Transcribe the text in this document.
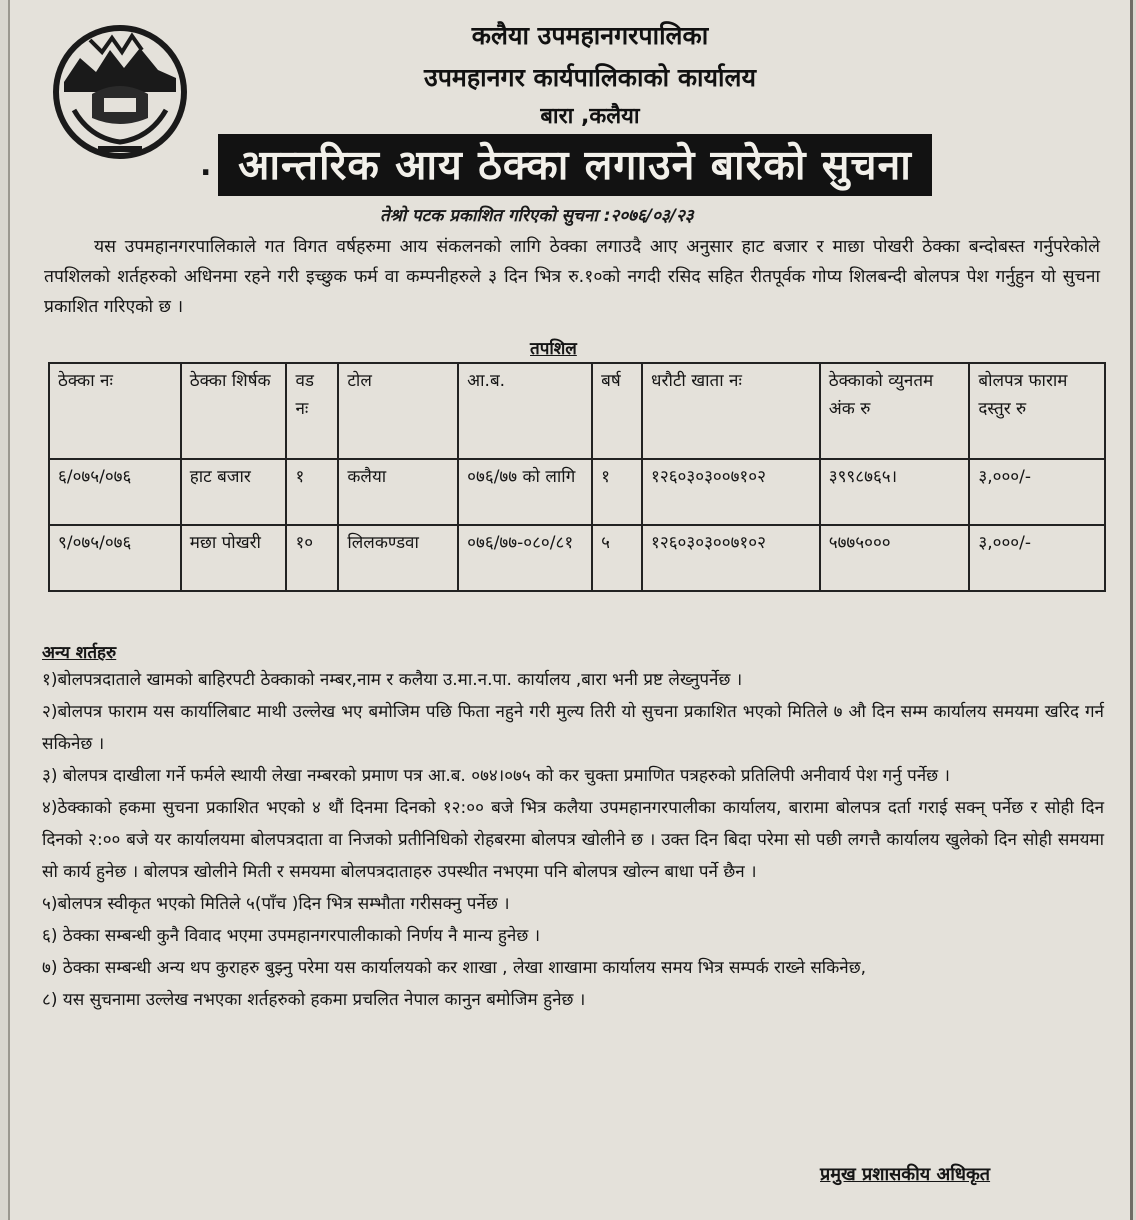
कलैया उपमहानगरपालिका
उपमहानगर कार्यपालिकाको कार्यालय
बारा ,कलैया
. आन्तरिक आय ठेक्का लगाउने बारेको सुचना
तेश्रो पटक प्रकाशित गरिएको सुचना :२०७६/०३/२३
यस उपमहानगरपालिकाले गत विगत वर्षहरुमा आय संकलनको लागि ठेक्का लगाउदै आए अनुसार हाट बजार र माछा पोखरी ठेक्का बन्दोबस्त गर्नुपरेकोले तपशिलको शर्तहरुको अधिनमा रहने गरी इच्छुक फर्म वा कम्पनीहरुले ३ दिन भित्र रु.१०को नगदी रसिद सहित रीतपूर्वक गोप्य शिलबन्दी बोलपत्र पेश गर्नुहुन यो सुचना प्रकाशित गरिएको छ ।
तपशिल
ठेक्का नः	ठेक्का शिर्षक	वड नः	टोल	आ.ब.	बर्ष	धरौटी खाता नः	ठेक्काको व्युनतम अंक रु	बोलपत्र फाराम दस्तुर रु
६/०७५/०७६	हाट बजार	१	कलैया	०७६/७७ को लागि	१	१२६०३०३००७१०२	३९९८७६५।	३,०००/-
९/०७५/०७६	मछा पोखरी	१०	लिलकण्डवा	०७६/७७-०८०/८१	५	१२६०३०३००७१०२	५७७५०००	३,०००/-
अन्य शर्तहरु

१)बोलपत्रदाताले खामको बाहिरपटी ठेक्काको नम्बर,नाम र कलैया उ.मा.न.पा. कार्यालय ,बारा भनी प्रष्ट लेख्नुपर्नेछ ।

२)बोलपत्र फाराम यस कार्यालिबाट माथी उल्लेख भए बमोजिम पछि फिता नहुने गरी मुल्य तिरी यो सुचना प्रकाशित भएको मितिले ७ औ दिन सम्म कार्यालय समयमा खरिद गर्न सकिनेछ ।

३) बोलपत्र दाखीला गर्ने फर्मले स्थायी लेखा नम्बरको प्रमाण पत्र आ.ब. ०७४।०७५ को कर चुक्ता प्रमाणित पत्रहरुको प्रतिलिपी अनीवार्य पेश गर्नु पर्नेछ ।

४)ठेक्काको हकमा सुचना प्रकाशित भएको ४ थौं दिनमा दिनको १२:०० बजे भित्र कलैया उपमहानगरपालीका कार्यालय, बारामा बोलपत्र दर्ता गराई सक्न् पर्नेछ र सोही दिन दिनको २:०० बजे यर कार्यालयमा बोलपत्रदाता वा निजको प्रतीनिधिको रोहबरमा बोलपत्र खोलीने छ । उक्त दिन बिदा परेमा सो पछी लगत्तै कार्यालय खुलेको दिन सोही समयमा सो कार्य हुनेछ । बोलपत्र खोलीने मिती र समयमा बोलपत्रदाताहरु उपस्थीत नभएमा पनि बोलपत्र खोल्न बाधा पर्ने छैन ।

५)बोलपत्र स्वीकृत भएको मितिले ५(पाँच )दिन भित्र सम्भौता गरीसक्नु पर्नेछ ।

६) ठेक्का सम्बन्धी कुनै विवाद भएमा उपमहानगरपालीकाको निर्णय नै मान्य हुनेछ ।

७) ठेक्का सम्बन्धी अन्य थप कुराहरु बुझ्नु परेमा यस कार्यालयको कर शाखा , लेखा शाखामा कार्यालय समय भित्र सम्पर्क राख्ने सकिनेछ,

८) यस सुचनामा उल्लेख नभएका शर्तहरुको हकमा प्रचलित नेपाल कानुन बमोजिम हुनेछ ।

प्रमुख प्रशासकीय अधिकृत
